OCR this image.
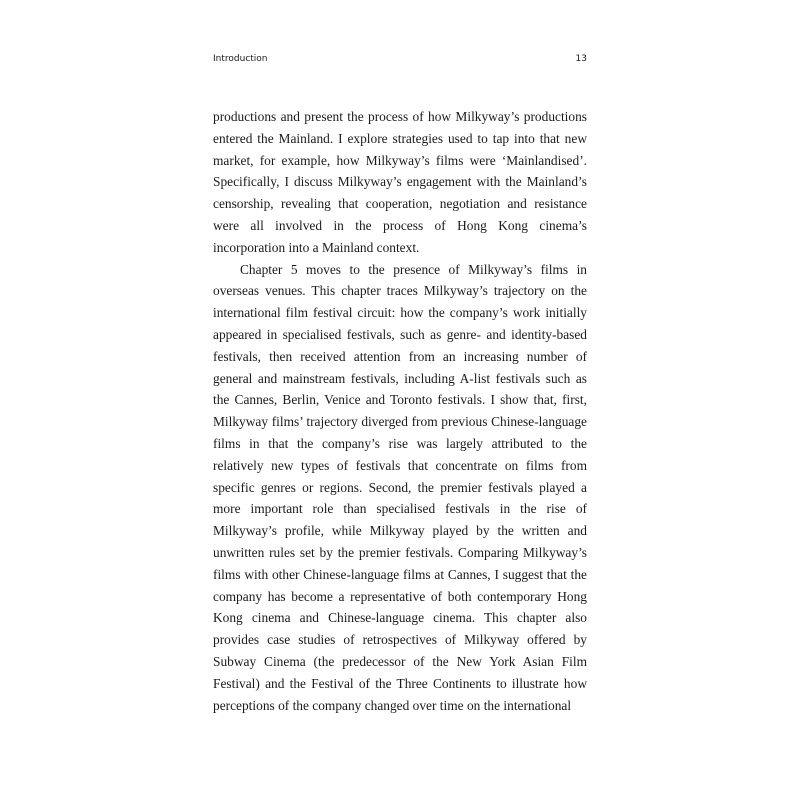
Introduction	13

productions and present the process of how Milkyway’s productions entered the Mainland. I explore strategies used to tap into that new market, for example, how Milkyway’s films were ‘Mainlandised’. Specifically, I discuss Milkyway’s engagement with the Mainland’s censorship, revealing that cooperation, negotiation and resistance were all involved in the process of Hong Kong cinema’s incorporation into a Mainland context.

Chapter 5 moves to the presence of Milkyway’s films in overseas venues. This chapter traces Milkyway’s trajectory on the international film festival circuit: how the company’s work initially appeared in specialised festivals, such as genre- and identity-based festivals, then received attention from an increasing number of general and mainstream festivals, including A-list festivals such as the Cannes, Berlin, Venice and Toronto festivals. I show that, first, Milkyway films’ trajectory diverged from previous Chinese-language films in that the company’s rise was largely attributed to the relatively new types of festivals that concentrate on films from specific genres or regions. Second, the premier festivals played a more important role than specialised festivals in the rise of Milkyway’s profile, while Milkyway played by the written and unwritten rules set by the premier festivals. Comparing Milkyway’s films with other Chinese-language films at Cannes, I suggest that the company has become a representative of both contemporary Hong Kong cinema and Chinese-language cinema. This chapter also provides case studies of retrospectives of Milkyway offered by Subway Cinema (the predecessor of the New York Asian Film Festival) and the Festival of the Three Continents to illustrate how perceptions of the company changed over time on the international
